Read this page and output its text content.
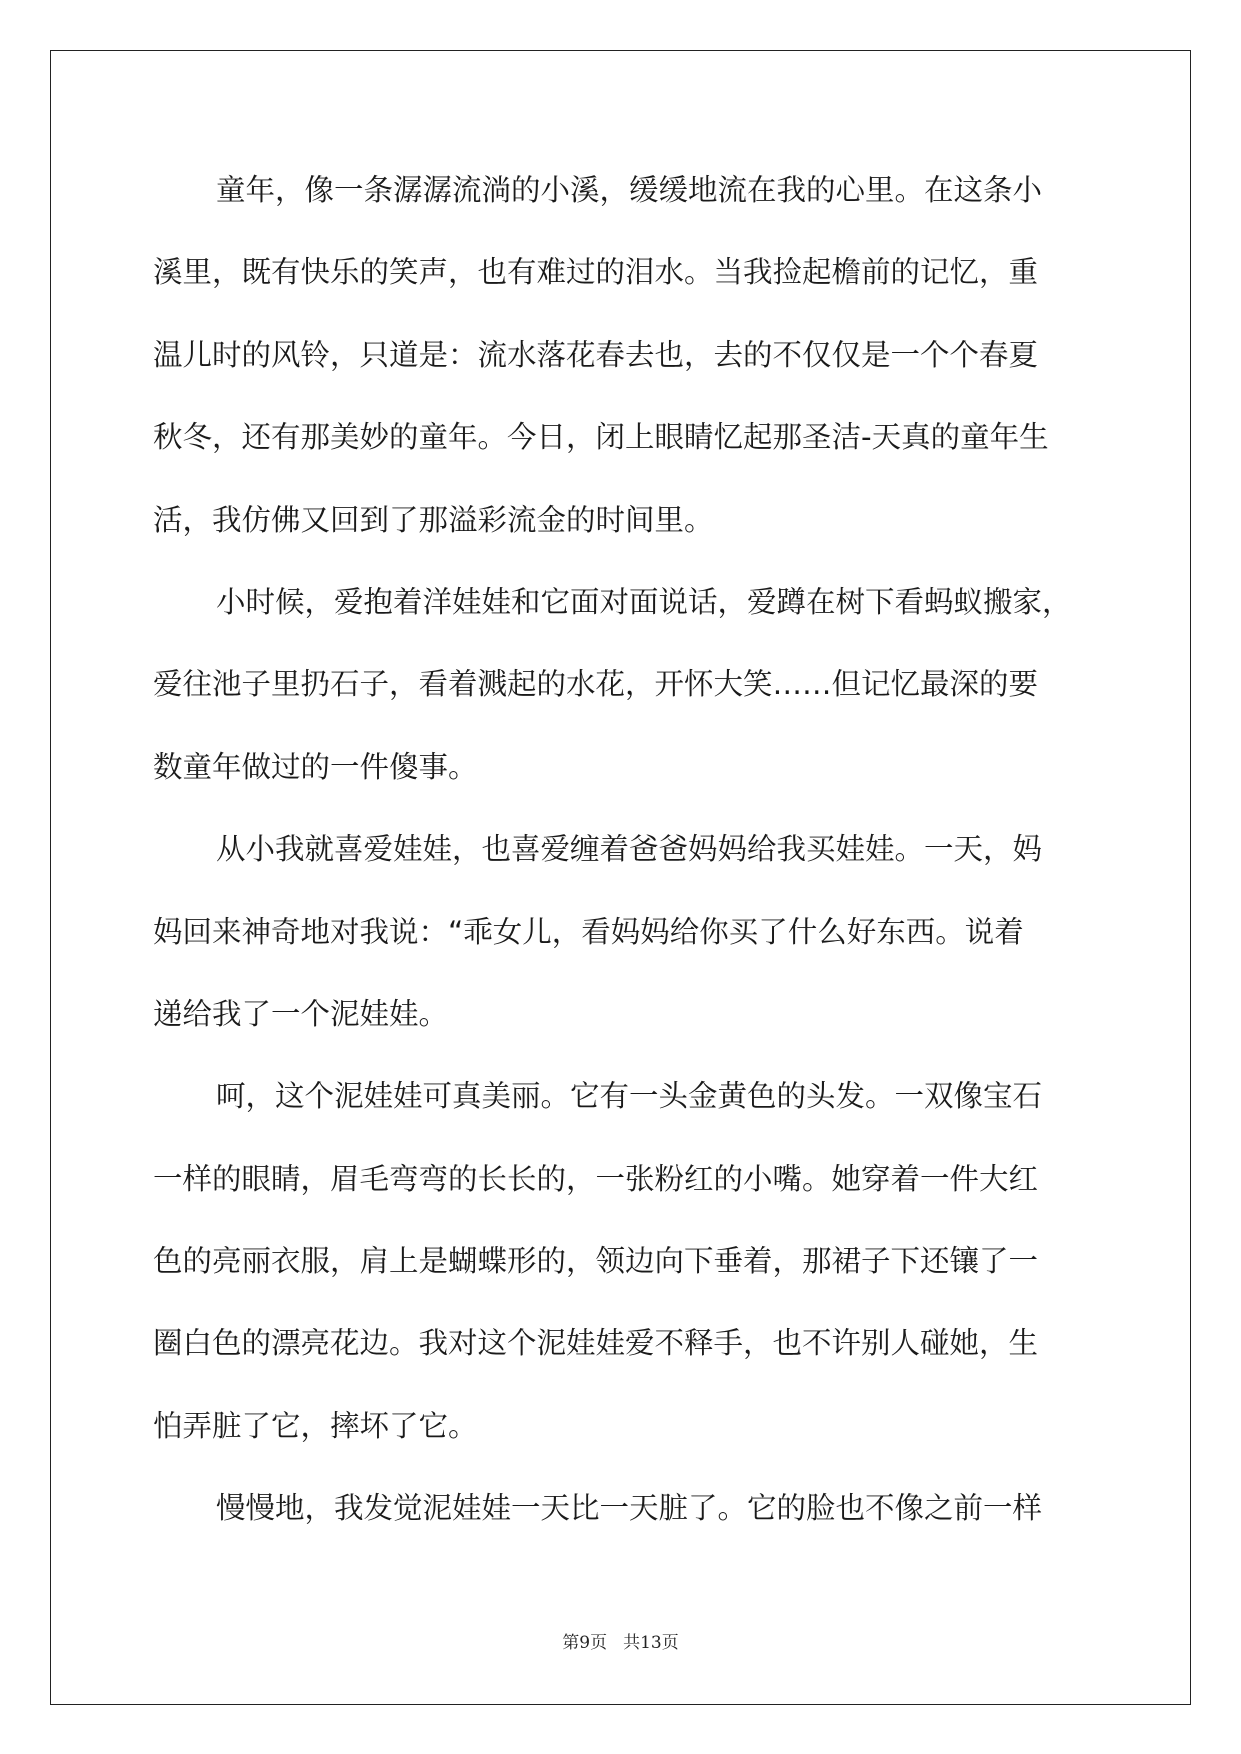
童年，像一条潺潺流淌的小溪，缓缓地流在我的心里。在这条小
溪里，既有快乐的笑声，也有难过的泪水。当我捡起檐前的记忆，重
温儿时的风铃，只道是：流水落花春去也，去的不仅仅是一个个春夏
秋冬，还有那美妙的童年。今日，闭上眼睛忆起那圣洁-天真的童年生
活，我仿佛又回到了那溢彩流金的时间里。
小时候，爱抱着洋娃娃和它面对面说话，爱蹲在树下看蚂蚁搬家，
爱往池子里扔石子，看着溅起的水花，开怀大笑……但记忆最深的要
数童年做过的一件傻事。
从小我就喜爱娃娃，也喜爱缠着爸爸妈妈给我买娃娃。一天，妈
妈回来神奇地对我说：“乖女儿，看妈妈给你买了什么好东西。说着
递给我了一个泥娃娃。
呵，这个泥娃娃可真美丽。它有一头金黄色的头发。一双像宝石
一样的眼睛，眉毛弯弯的长长的，一张粉红的小嘴。她穿着一件大红
色的亮丽衣服，肩上是蝴蝶形的，领边向下垂着，那裙子下还镶了一
圈白色的漂亮花边。我对这个泥娃娃爱不释手，也不许别人碰她，生
怕弄脏了它，摔坏了它。
慢慢地，我发觉泥娃娃一天比一天脏了。它的脸也不像之前一样
第9页 共13页
